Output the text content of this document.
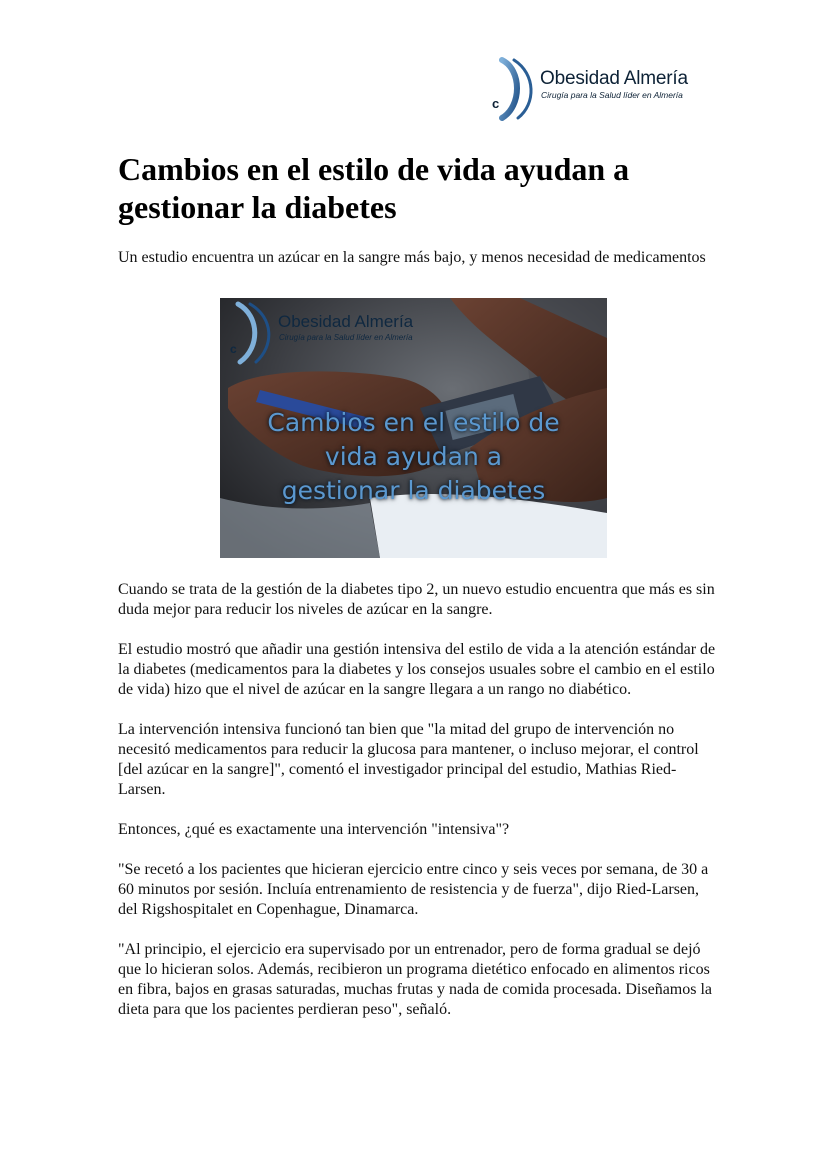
c
Obesidad Almería
Cirugía para la Salud líder en Almería
Cambios en el estilo de vida ayudan a gestionar la diabetes

Un estudio encuentra un azúcar en la sangre más bajo, y menos necesidad de medicamentos

c
Obesidad Almería
Cirugía para la Salud líder en Almería
Cambios en el estilo de
vida ayudan a
gestionar la diabetes

Cuando se trata de la gestión de la diabetes tipo 2, un nuevo estudio encuentra que más es sin duda mejor para reducir los niveles de azúcar en la sangre.

El estudio mostró que añadir una gestión intensiva del estilo de vida a la atención estándar de la diabetes (medicamentos para la diabetes y los consejos usuales sobre el cambio en el estilo de vida) hizo que el nivel de azúcar en la sangre llegara a un rango no diabético.

La intervención intensiva funcionó tan bien que "la mitad del grupo de intervención no necesitó medicamentos para reducir la glucosa para mantener, o incluso mejorar, el control [del azúcar en la sangre]", comentó el investigador principal del estudio, Mathias Ried-Larsen.

Entonces, ¿qué es exactamente una intervención "intensiva"?

"Se recetó a los pacientes que hicieran ejercicio entre cinco y seis veces por semana, de 30 a 60 minutos por sesión. Incluía entrenamiento de resistencia y de fuerza", dijo Ried-Larsen, del Rigshospitalet en Copenhague, Dinamarca.

"Al principio, el ejercicio era supervisado por un entrenador, pero de forma gradual se dejó que lo hicieran solos. Además, recibieron un programa dietético enfocado en alimentos ricos en fibra, bajos en grasas saturadas, muchas frutas y nada de comida procesada. Diseñamos la dieta para que los pacientes perdieran peso", señaló.
